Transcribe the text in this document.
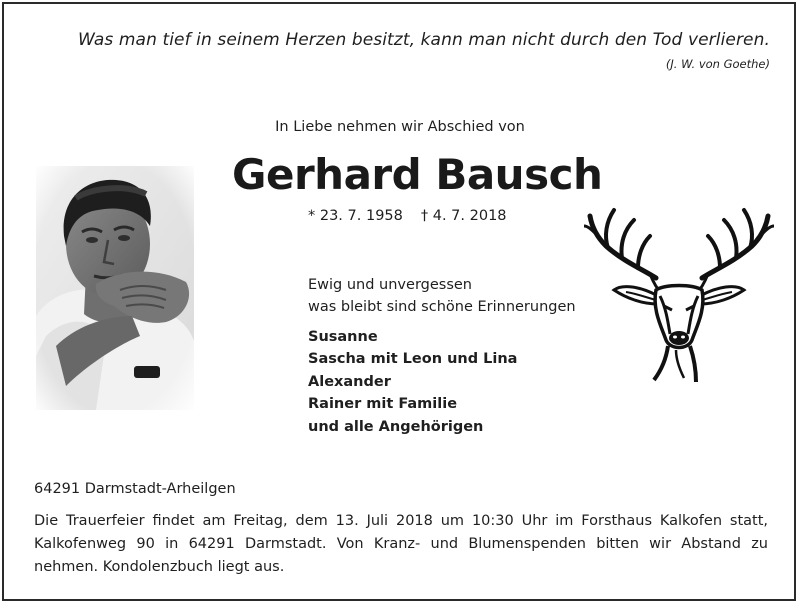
Was man tief in seinem Herzen besitzt, kann man nicht durch den Tod verlieren.
(J. W. von Goethe)
In Liebe nehmen wir Abschied von
Gerhard Bausch
* 23. 7. 1958 † 4. 7. 2018
Ewig und unvergessen
was bleibt sind schöne Erinnerungen
Susanne
Sascha mit Leon und Lina
Alexander
Rainer mit Familie
und alle Angehörigen
64291 Darmstadt-Arheilgen
Die Trauerfeier findet am Freitag, dem 13. Juli 2018 um 10:30 Uhr im Forsthaus Kalkofen statt, Kalkofenweg 90 in 64291 Darmstadt. Von Kranz- und Blumenspenden bitten wir Abstand zu nehmen. Kondolenzbuch liegt aus.
